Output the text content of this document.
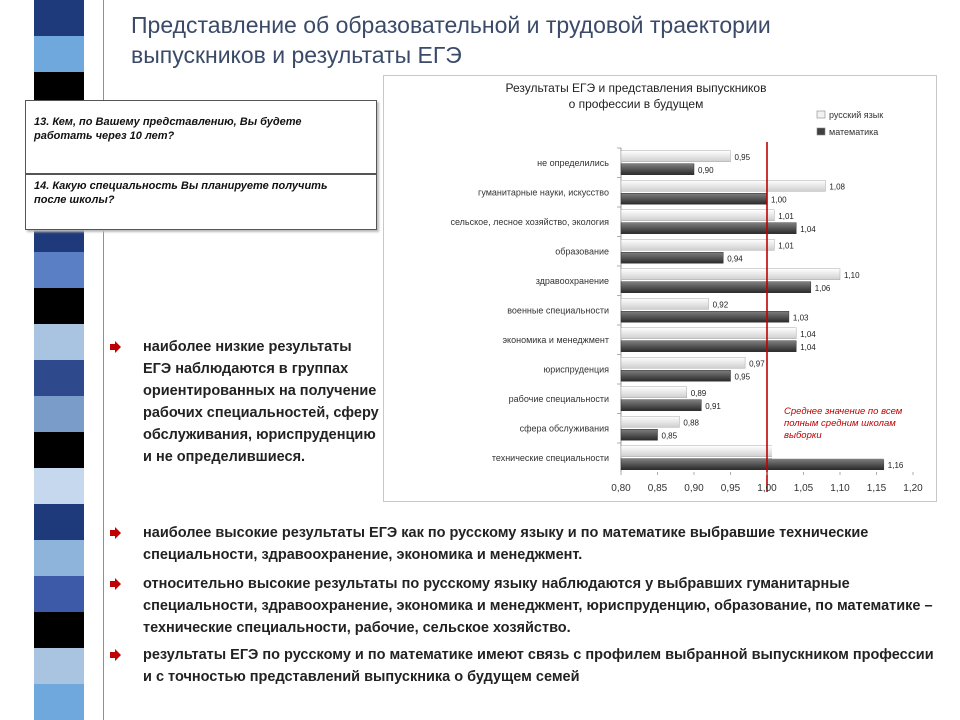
Представление об образовательной и трудовой траектории
выпускников и результаты ЕГЭ
13. Кем, по Вашему представлению, Вы будете работать через 10 лет?
14. Какую специальность Вы планируете получить после школы?
Результаты ЕГЭ и представления выпускников
о профессии в будущем
русский язык
математика
не определились
0,95
0,90
гуманитарные науки, искусство
1,08
1,00
сельское, лесное хозяйство, экология
1,01
1,04
образование
1,01
0,94
здравоохранение
1,10
1,06
военные специальности
0,92
1,03
экономика и менеджмент
1,04
1,04
юриспруденция
0,97
0,95
рабочие специальности
0,89
0,91
сфера обслуживания
0,88
0,85
технические специальности
1,16
Среднее значение по всем
полным средним школам
выборки
0,80 0,85 0,90 0,95 1,00 1,05 1,10 1,15 1,20
наиболее низкие результаты ЕГЭ наблюдаются в группах ориентированных на получение рабочих специальностей, сферу обслуживания, юриспруденцию и не определившиеся.
наиболее высокие результаты ЕГЭ как по русскому языку и по математике выбравшие технические специальности, здравоохранение, экономика и менеджмент.
относительно высокие результаты по русскому языку наблюдаются у выбравших гуманитарные специальности, здравоохранение, экономика и менеджмент, юриспруденцию, образование, по математике – технические специальности, рабочие, сельское хозяйство.
результаты ЕГЭ по русскому и по математике имеют связь с профилем выбранной выпускником профессии и с точностью представлений выпускника о будущем семей
